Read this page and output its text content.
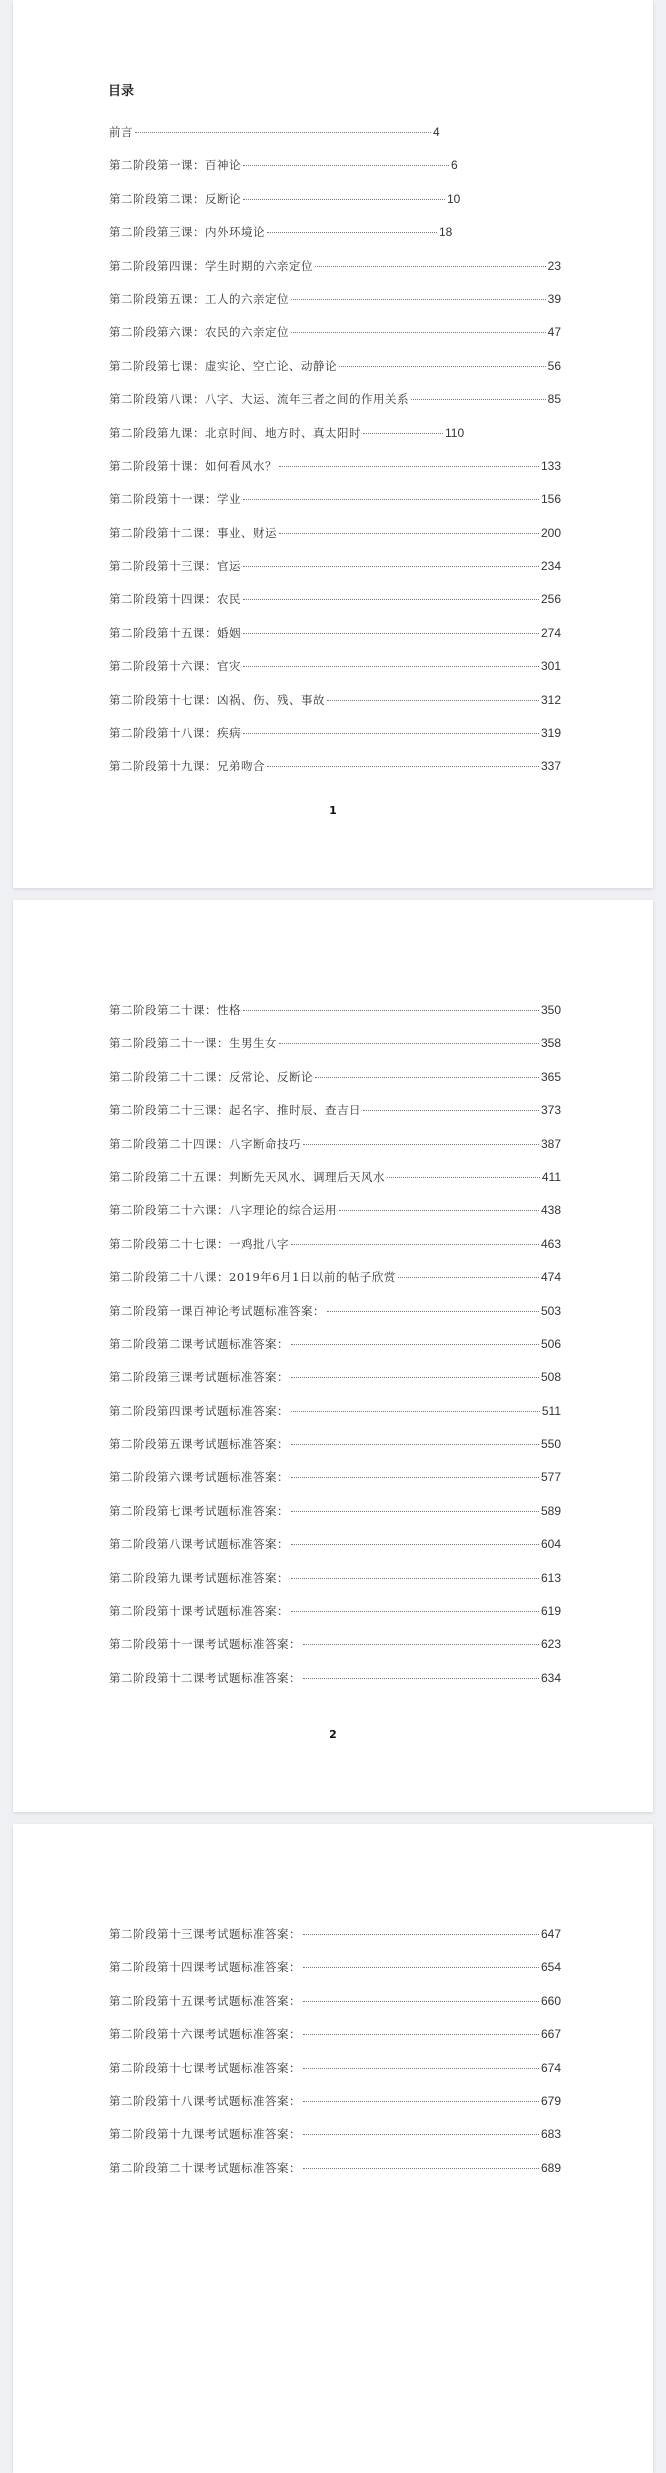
目录
前言	4
第二阶段第一课：百神论	6
第二阶段第二课：反断论	10
第二阶段第三课：内外环境论	18
第二阶段第四课：学生时期的六亲定位	23
第二阶段第五课：工人的六亲定位	39
第二阶段第六课：农民的六亲定位	47
第二阶段第七课：虚实论、空亡论、动静论	56
第二阶段第八课：八字、大运、流年三者之间的作用关系	85
第二阶段第九课：北京时间、地方时、真太阳时	110
第二阶段第十课：如何看风水？	133
第二阶段第十一课：学业	156
第二阶段第十二课：事业、财运	200
第二阶段第十三课：官运	234
第二阶段第十四课：农民	256
第二阶段第十五课：婚姻	274
第二阶段第十六课：官灾	301
第二阶段第十七课：凶祸、伤、残、事故	312
第二阶段第十八课：疾病	319
第二阶段第十九课：兄弟吻合	337
1
第二阶段第二十课：性格	350
第二阶段第二十一课：生男生女	358
第二阶段第二十二课：反常论、反断论	365
第二阶段第二十三课：起名字、推时辰、查吉日	373
第二阶段第二十四课：八字断命技巧	387
第二阶段第二十五课：判断先天风水、调理后天风水	411
第二阶段第二十六课：八字理论的综合运用	438
第二阶段第二十七课：一鸡批八字	463
第二阶段第二十八课：2019年6月1日以前的帖子欣赏	474
第二阶段第一课百神论考试题标准答案：	503
第二阶段第二课考试题标准答案：	506
第二阶段第三课考试题标准答案：	508
第二阶段第四课考试题标准答案：	511
第二阶段第五课考试题标准答案：	550
第二阶段第六课考试题标准答案：	577
第二阶段第七课考试题标准答案：	589
第二阶段第八课考试题标准答案：	604
第二阶段第九课考试题标准答案：	613
第二阶段第十课考试题标准答案：	619
第二阶段第十一课考试题标准答案：	623
第二阶段第十二课考试题标准答案：	634
2
第二阶段第十三课考试题标准答案：	647
第二阶段第十四课考试题标准答案：	654
第二阶段第十五课考试题标准答案：	660
第二阶段第十六课考试题标准答案：	667
第二阶段第十七课考试题标准答案：	674
第二阶段第十八课考试题标准答案：	679
第二阶段第十九课考试题标准答案：	683
第二阶段第二十课考试题标准答案：	689
